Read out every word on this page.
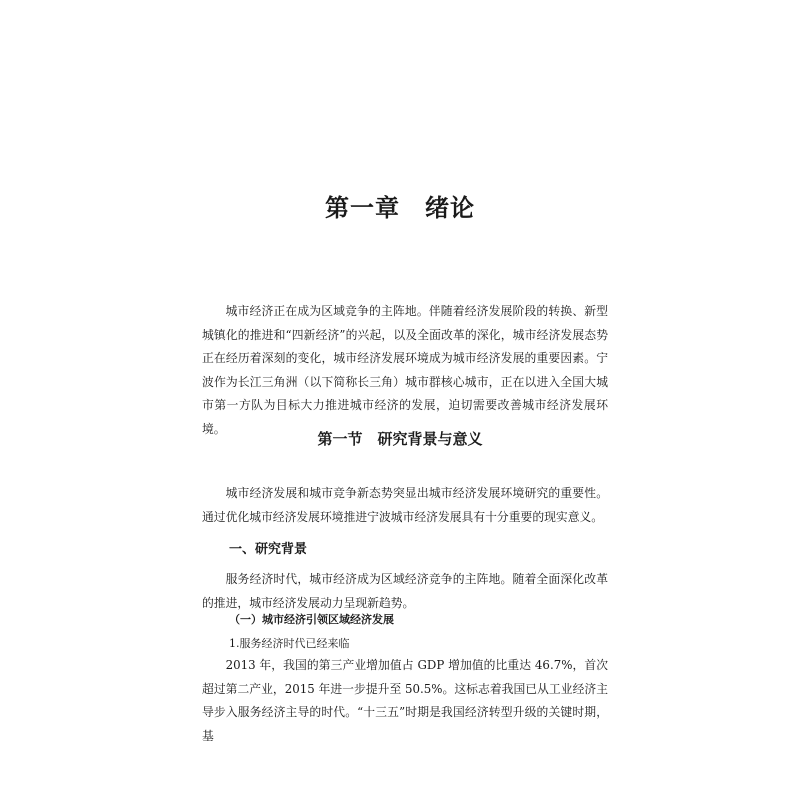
第一章　绪论

城市经济正在成为区域竞争的主阵地。伴随着经济发展阶段的转换、新型城镇化的推进和“四新经济”的兴起，以及全面改革的深化，城市经济发展态势正在经历着深刻的变化，城市经济发展环境成为城市经济发展的重要因素。宁波作为长江三角洲（以下简称长三角）城市群核心城市，正在以进入全国大城市第一方队为目标大力推进城市经济的发展，迫切需要改善城市经济发展环境。

第一节　研究背景与意义

城市经济发展和城市竞争新态势突显出城市经济发展环境研究的重要性。通过优化城市经济发展环境推进宁波城市经济发展具有十分重要的现实意义。

一、研究背景

服务经济时代，城市经济成为区域经济竞争的主阵地。随着全面深化改革的推进，城市经济发展动力呈现新趋势。

（一）城市经济引领区域经济发展
1.服务经济时代已经来临

2013 年，我国的第三产业增加值占 GDP 增加值的比重达 46.7%，首次超过第二产业，2015 年进一步提升至 50.5%。这标志着我国已从工业经济主导步入服务经济主导的时代。“十三五”时期是我国经济转型升级的关键时期，基
